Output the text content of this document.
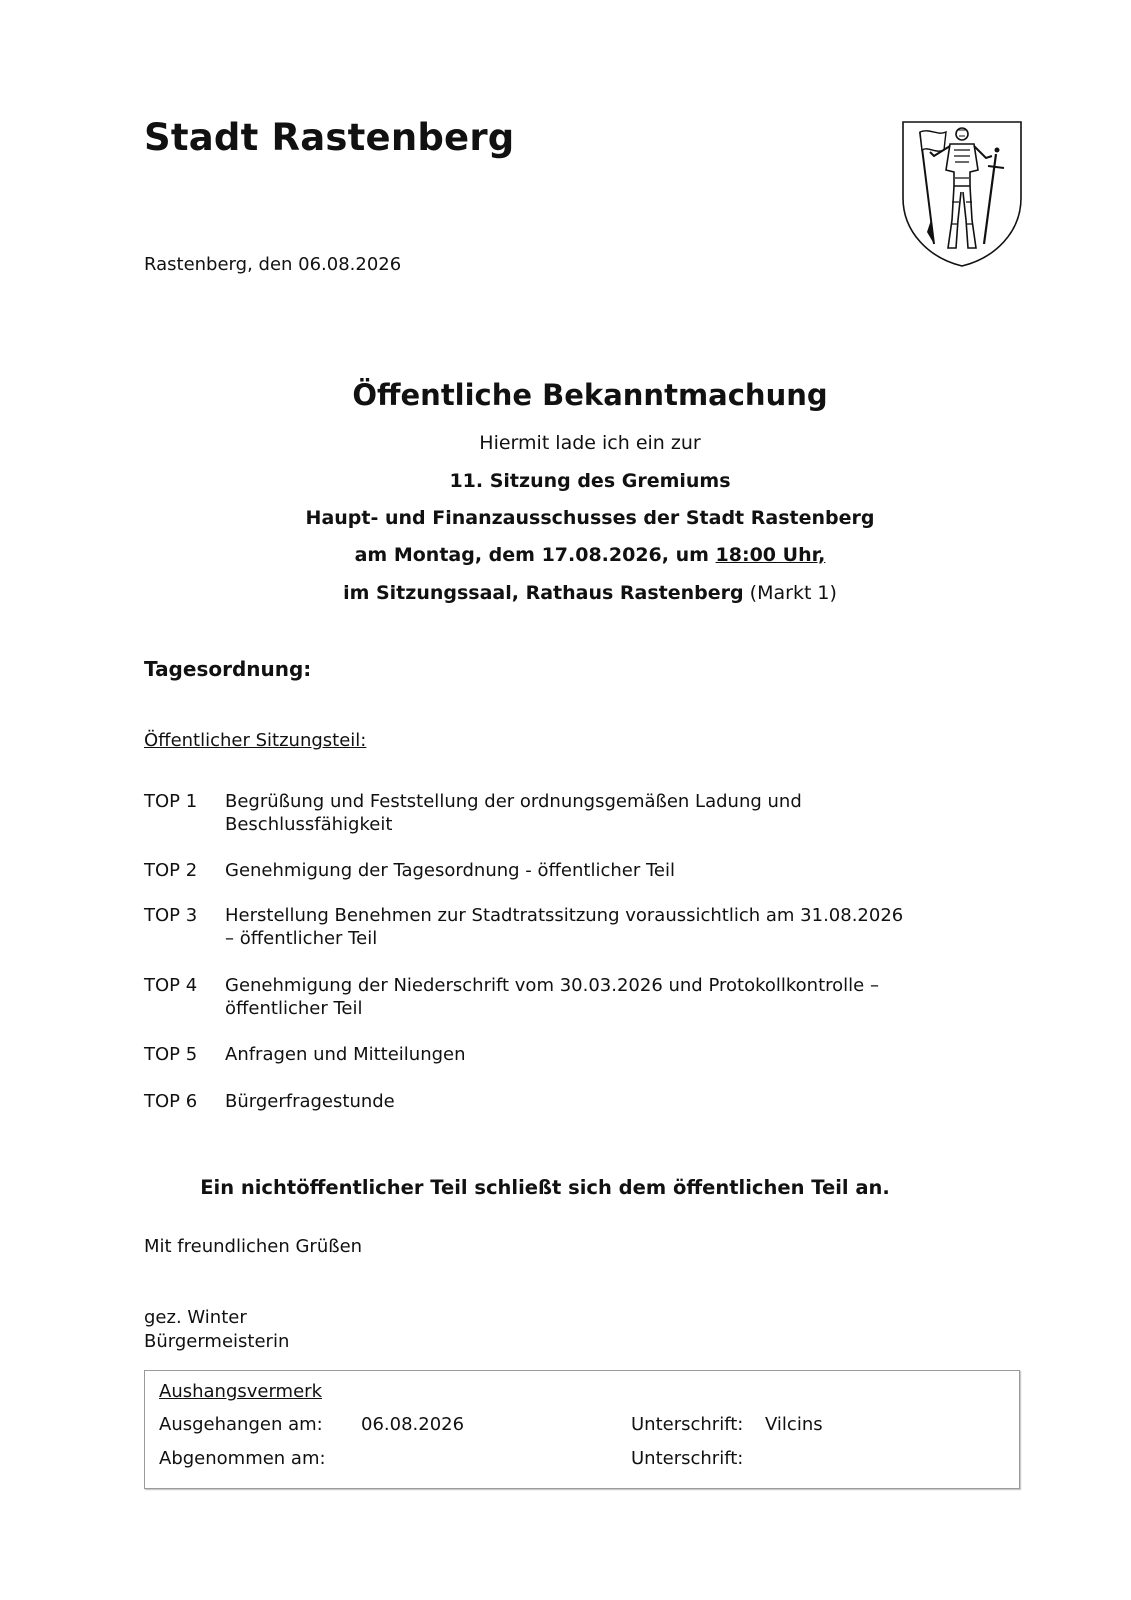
Stadt Rastenberg
Rastenberg, den 06.08.2026
Öffentliche Bekanntmachung
Hiermit lade ich ein zur
11. Sitzung des Gremiums
Haupt- und Finanzausschusses der Stadt Rastenberg
am Montag, dem 17.08.2026, um 18:00 Uhr,
im Sitzungssaal, Rathaus Rastenberg (Markt 1)
Tagesordnung:
Öffentlicher Sitzungsteil:
TOP 1	Begrüßung und Feststellung der ordnungsgemäßen Ladung und
Beschlussfähigkeit
TOP 2	Genehmigung der Tagesordnung - öffentlicher Teil
TOP 3	Herstellung Benehmen zur Stadtratssitzung voraussichtlich am 31.08.2026
– öffentlicher Teil
TOP 4	Genehmigung der Niederschrift vom 30.03.2026 und Protokollkontrolle –
öffentlicher Teil
TOP 5	Anfragen und Mitteilungen
TOP 6	Bürgerfragestunde
Ein nichtöffentlicher Teil schließt sich dem öffentlichen Teil an.
Mit freundlichen Grüßen
gez. Winter
Bürgermeisterin
Aushangsvermerk
Ausgehangen am: 06.08.2026	Unterschrift: Vilcins
Abgenommen am:	Unterschrift:
